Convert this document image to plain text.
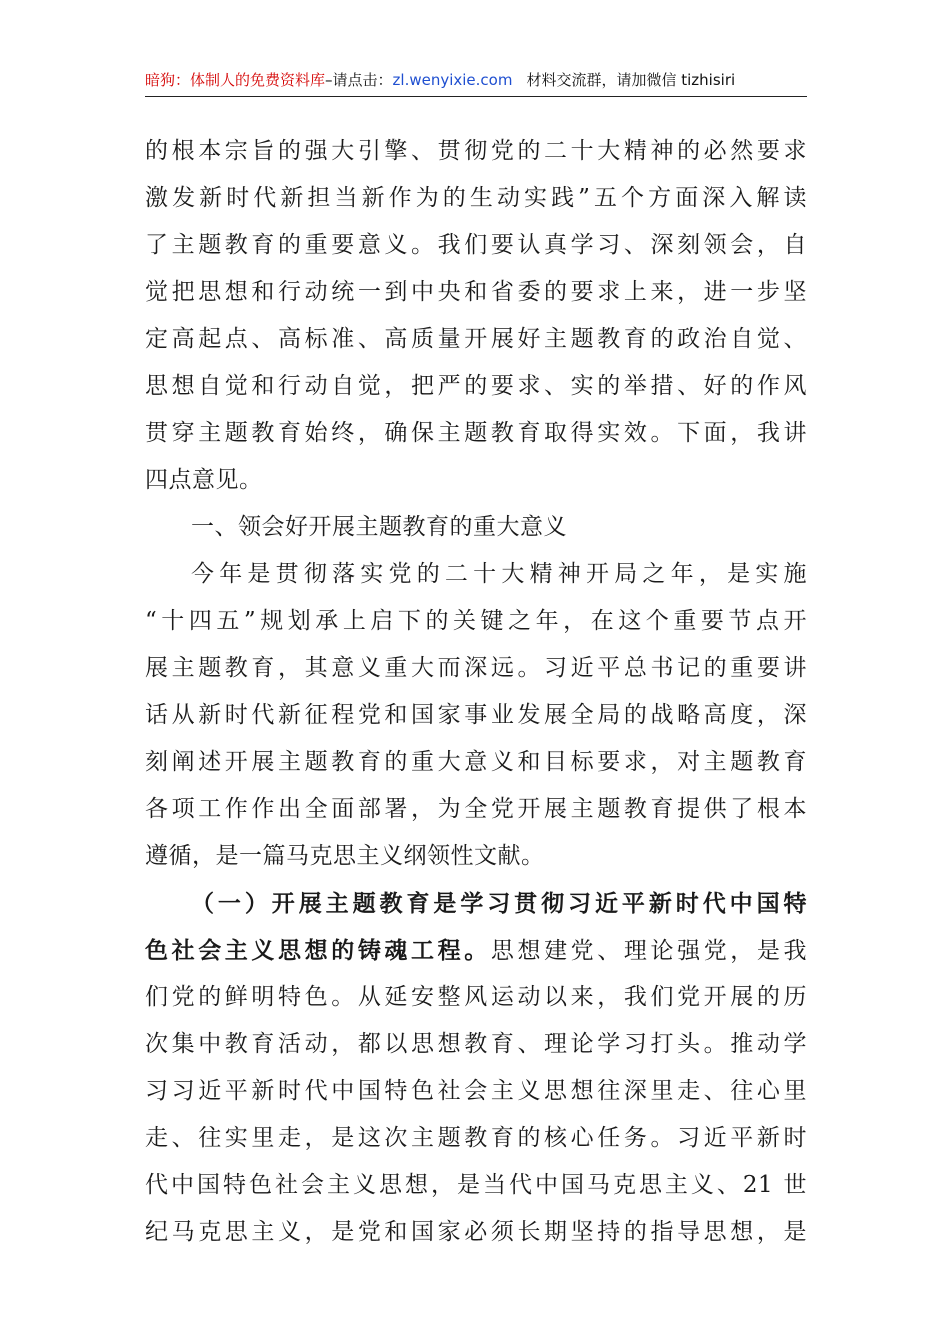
暗狗：体制人的免费资料库–请点击：zl.wenyixie.com 材料交流群，请加微信 tizhisiri
的根本宗旨的强大引擎、贯彻党的二十大精神的必然要求
激发新时代新担当新作为的生动实践”五个方面深入解读
了主题教育的重要意义。我们要认真学习、深刻领会，自
觉把思想和行动统一到中央和省委的要求上来，进一步坚
定高起点、高标准、高质量开展好主题教育的政治自觉、
思想自觉和行动自觉，把严的要求、实的举措、好的作风
贯穿主题教育始终，确保主题教育取得实效。下面，我讲
四点意见。
一、领会好开展主题教育的重大意义
今年是贯彻落实党的二十大精神开局之年，是实施
“十四五”规划承上启下的关键之年，在这个重要节点开
展主题教育，其意义重大而深远。习近平总书记的重要讲
话从新时代新征程党和国家事业发展全局的战略高度，深
刻阐述开展主题教育的重大意义和目标要求，对主题教育
各项工作作出全面部署，为全党开展主题教育提供了根本
遵循，是一篇马克思主义纲领性文献。
（一）开展主题教育是学习贯彻习近平新时代中国特
色社会主义思想的铸魂工程。思想建党、理论强党，是我
们党的鲜明特色。从延安整风运动以来，我们党开展的历
次集中教育活动，都以思想教育、理论学习打头。推动学
习习近平新时代中国特色社会主义思想往深里走、往心里
走、往实里走，是这次主题教育的核心任务。习近平新时
代中国特色社会主义思想，是当代中国马克思主义、21 世
纪马克思主义，是党和国家必须长期坚持的指导思想，是
